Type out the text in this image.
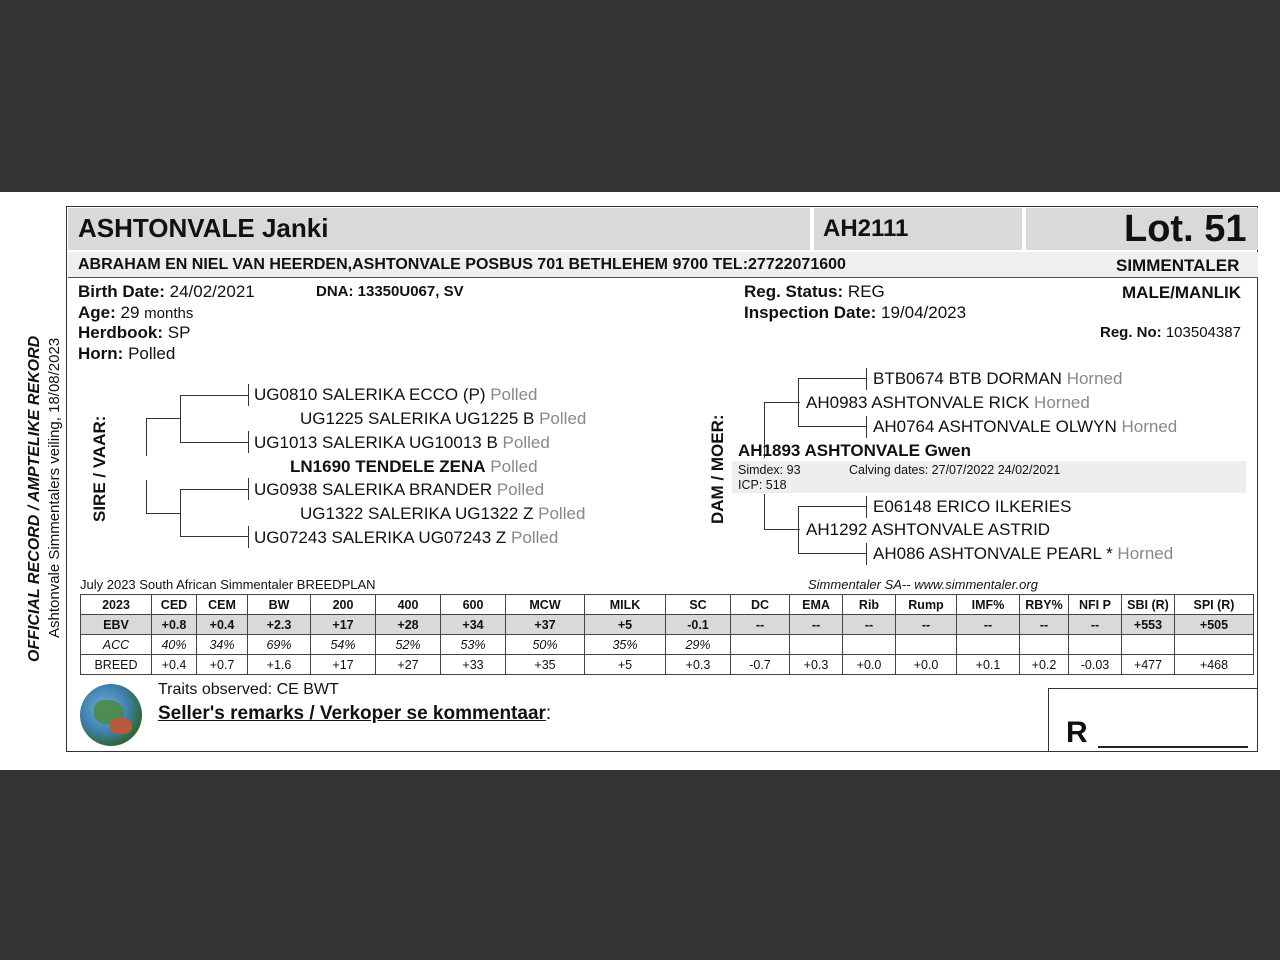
OFFICIAL RECORD / AMPTELIKE REKORD Ashtonvale Simmentalers veiling, 18/08/2023
ASHTONVALE Janki	AH2111	Lot. 51
ABRAHAM EN NIEL VAN HEERDEN,ASHTONVALE POSBUS 701 BETHLEHEM 9700 TEL:27722071600	SIMMENTALER
Birth Date: 24/02/2021	DNA: 13350U067, SV
Age: 29 months
Herdbook: SP
Horn: Polled
Reg. Status: REG
Inspection Date: 19/04/2023
MALE/MANLIK
Reg. No: 103504387
SIRE / VAAR:
UG0810 SALERIKA ECCO (P) Polled
UG1225 SALERIKA UG1225 B Polled
UG1013 SALERIKA UG10013 B Polled
LN1690 TENDELE ZENA Polled
UG0938 SALERIKA BRANDER Polled
UG1322 SALERIKA UG1322 Z Polled
UG07243 SALERIKA UG07243 Z Polled
DAM / MOER:
BTB0674 BTB DORMAN Horned
AH0983 ASHTONVALE RICK Horned
AH0764 ASHTONVALE OLWYN Horned
AH1893 ASHTONVALE Gwen
Simdex: 93	Calving dates: 27/07/2022 24/02/2021
ICP: 518
E06148 ERICO ILKERIES
AH1292 ASHTONVALE ASTRID
AH086 ASHTONVALE PEARL * Horned
July 2023 South African Simmentaler BREEDPLAN	Simmentaler SA-- www.simmentaler.org
2023	CED	CEM	BW	200	400	600	MCW	MILK	SC	DC	EMA	Rib	Rump	IMF%	RBY%	NFI P	SBI (R)	SPI (R)
EBV	+0.8	+0.4	+2.3	+17	+28	+34	+37	+5	-0.1	--	--	--	--	--	--	--	+553	+505
ACC	40%	34%	69%	54%	52%	53%	50%	35%	29%									
BREED	+0.4	+0.7	+1.6	+17	+27	+33	+35	+5	+0.3	-0.7	+0.3	+0.0	+0.0	+0.1	+0.2	-0.03	+477	+468
Traits observed: CE BWT
Seller's remarks / Verkoper se kommentaar:
R
